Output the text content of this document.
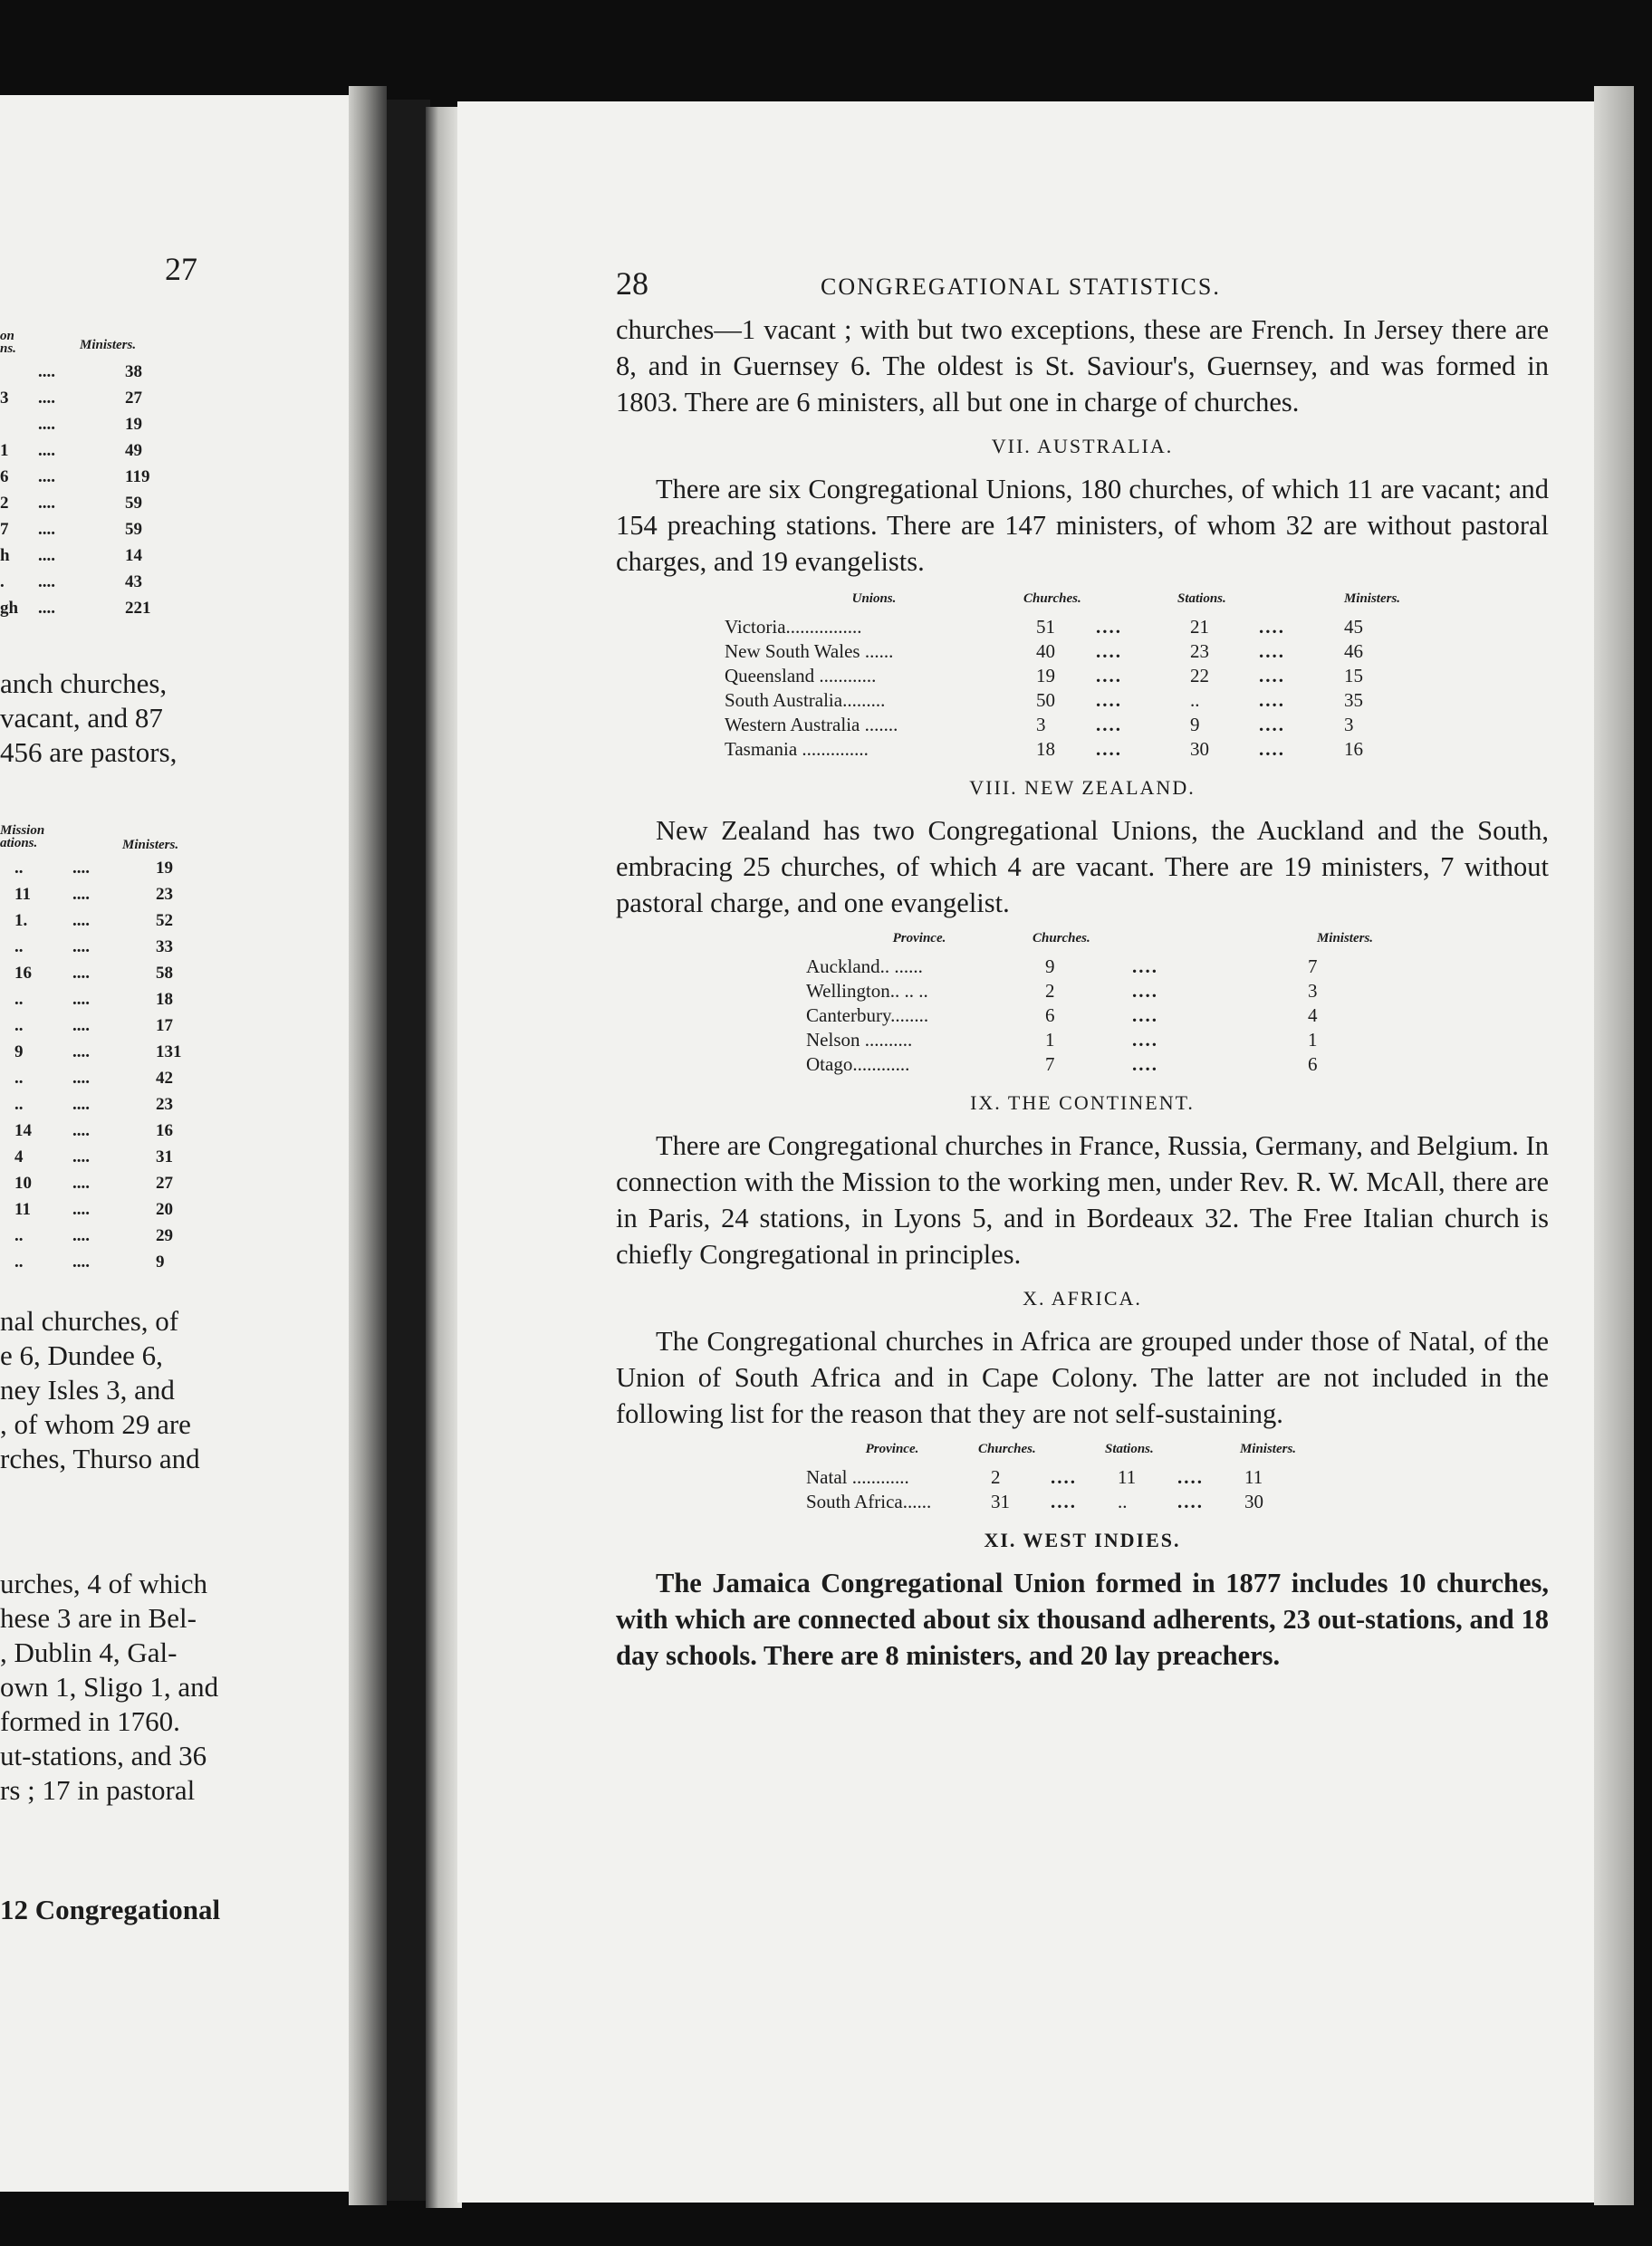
27
on
ns.	Ministers.
....	38
3 ....	27
....	19
1 ....	49
6 ....	119
2 ....	59
7 ....	59
h ....	14
. ....	43
gh ....	221
anch churches,
vacant, and 87
456 are pastors,
Mission
ations.	Ministers.
..	....	19
11 ....	23
1.	....	52
..	....	33
16 ....	58
..	....	18
..	....	17
9	....	131
..	....	42
..	....	23
14 ....	16
4	....	31
10 ....	27
11 ....	20
..	....	29
..	....	9
nal churches, of
e 6, Dundee 6,
ney Isles 3, and
, of whom 29 are
rches, Thurso and
urches, 4 of which
hese 3 are in Bel-
, Dublin 4, Gal-
own 1, Sligo 1, and
formed in 1760.
ut-stations, and 36
rs ; 17 in pastoral
12 Congregational
28	CONGREGATIONAL STATISTICS.

churches—1 vacant ; with but two exceptions, these are French. In Jersey there are 8, and in Guernsey 6. The oldest is St. Saviour's, Guernsey, and was formed in 1803. There are 6 ministers, all but one in charge of churches.

VII. AUSTRALIA.

There are six Congregational Unions, 180 churches, of which 11 are vacant; and 154 preaching stations. There are 147 ministers, of whom 32 are without pastoral charges, and 19 evangelists.

Unions.	Churches.		Stations.		Ministers.
Victoria................	51	....	21	....	45
New South Wales ......	40	....	23	....	46
Queensland ............	19	....	22	....	15
South Australia.........	50	....	..	....	35
Western Australia .......	3	....	9	....	3
Tasmania ..............	18	....	30	....	16
VIII. NEW ZEALAND.

New Zealand has two Congregational Unions, the Auckland and the South, embracing 25 churches, of which 4 are vacant. There are 19 ministers, 7 without pastoral charge, and one evangelist.

Province.	Churches.		Ministers.
Auckland.. ......	9	....	7
Wellington.. .. ..	2	....	3
Canterbury........	6	....	4
Nelson ..........	1	....	1
Otago............	7	....	6
IX. THE CONTINENT.

There are Congregational churches in France, Russia, Germany, and Belgium. In connection with the Mission to the working men, under Rev. R. W. McAll, there are in Paris, 24 stations, in Lyons 5, and in Bordeaux 32. The Free Italian church is chiefly Congregational in principles.

X. AFRICA.

The Congregational churches in Africa are grouped under those of Natal, of the Union of South Africa and in Cape Colony. The latter are not included in the following list for the reason that they are not self-sustaining.

Province.	Churches.		Stations.		Ministers.
Natal ............	2	....	11	....	11
South Africa......	31	....	..	....	30
XI. WEST INDIES.

The Jamaica Congregational Union formed in 1877 includes 10 churches, with which are connected about six thousand adherents, 23 out-stations, and 18 day schools. There are 8 ministers, and 20 lay preachers.
